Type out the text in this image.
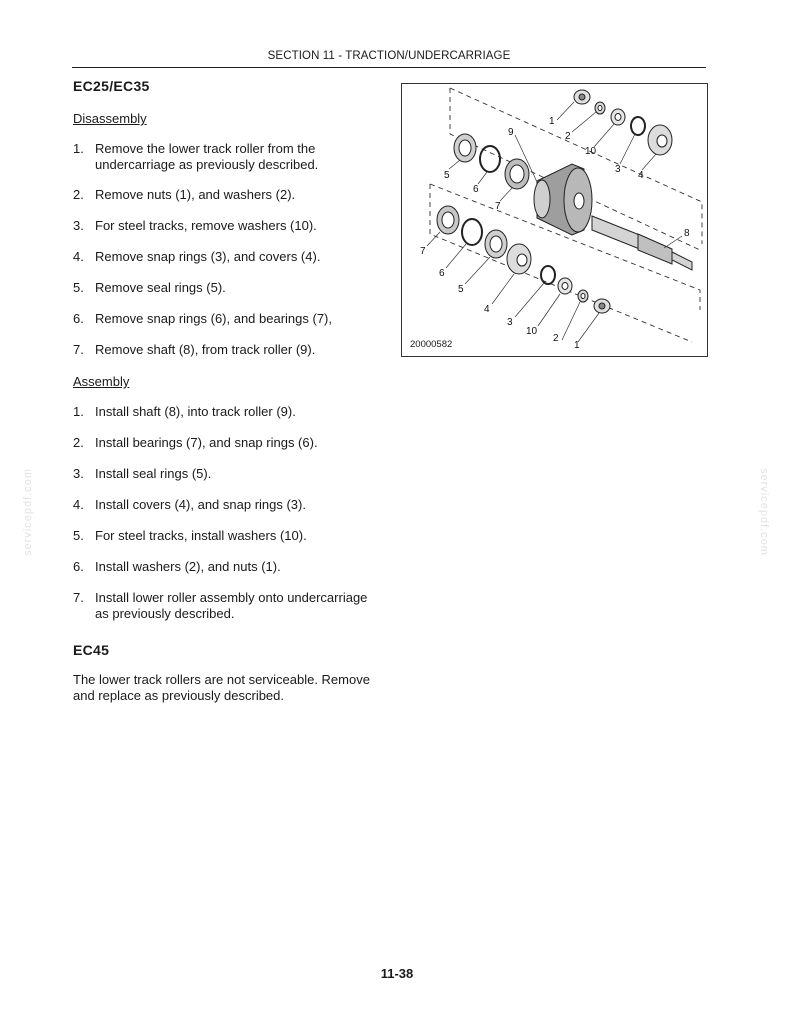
SECTION 11 - TRACTION/UNDERCARRIAGE
EC25/EC35
Disassembly
1. Remove the lower track roller from the undercarriage as previously described.
2. Remove nuts (1), and washers (2).
3. For steel tracks, remove washers (10).
4. Remove snap rings (3), and covers (4).
5. Remove seal rings (5).
6. Remove snap rings (6), and bearings (7),
7. Remove shaft (8), from track roller (9).
Assembly
1. Install shaft (8), into track roller (9).
2. Install bearings (7), and snap rings (6).
3. Install seal rings (5).
4. Install covers (4), and snap rings (3).
5. For steel tracks, install washers (10).
6. Install washers (2), and nuts (1).
7. Install lower roller assembly onto undercarriage as previously described.
EC45

The lower track rollers are not serviceable. Remove and replace as previously described.

1
2
10
3
4
9
5
6
7
8
7
6
5
4
3
10
2
1
20000582
servicepdf.com	servicepdf.com
11-38
